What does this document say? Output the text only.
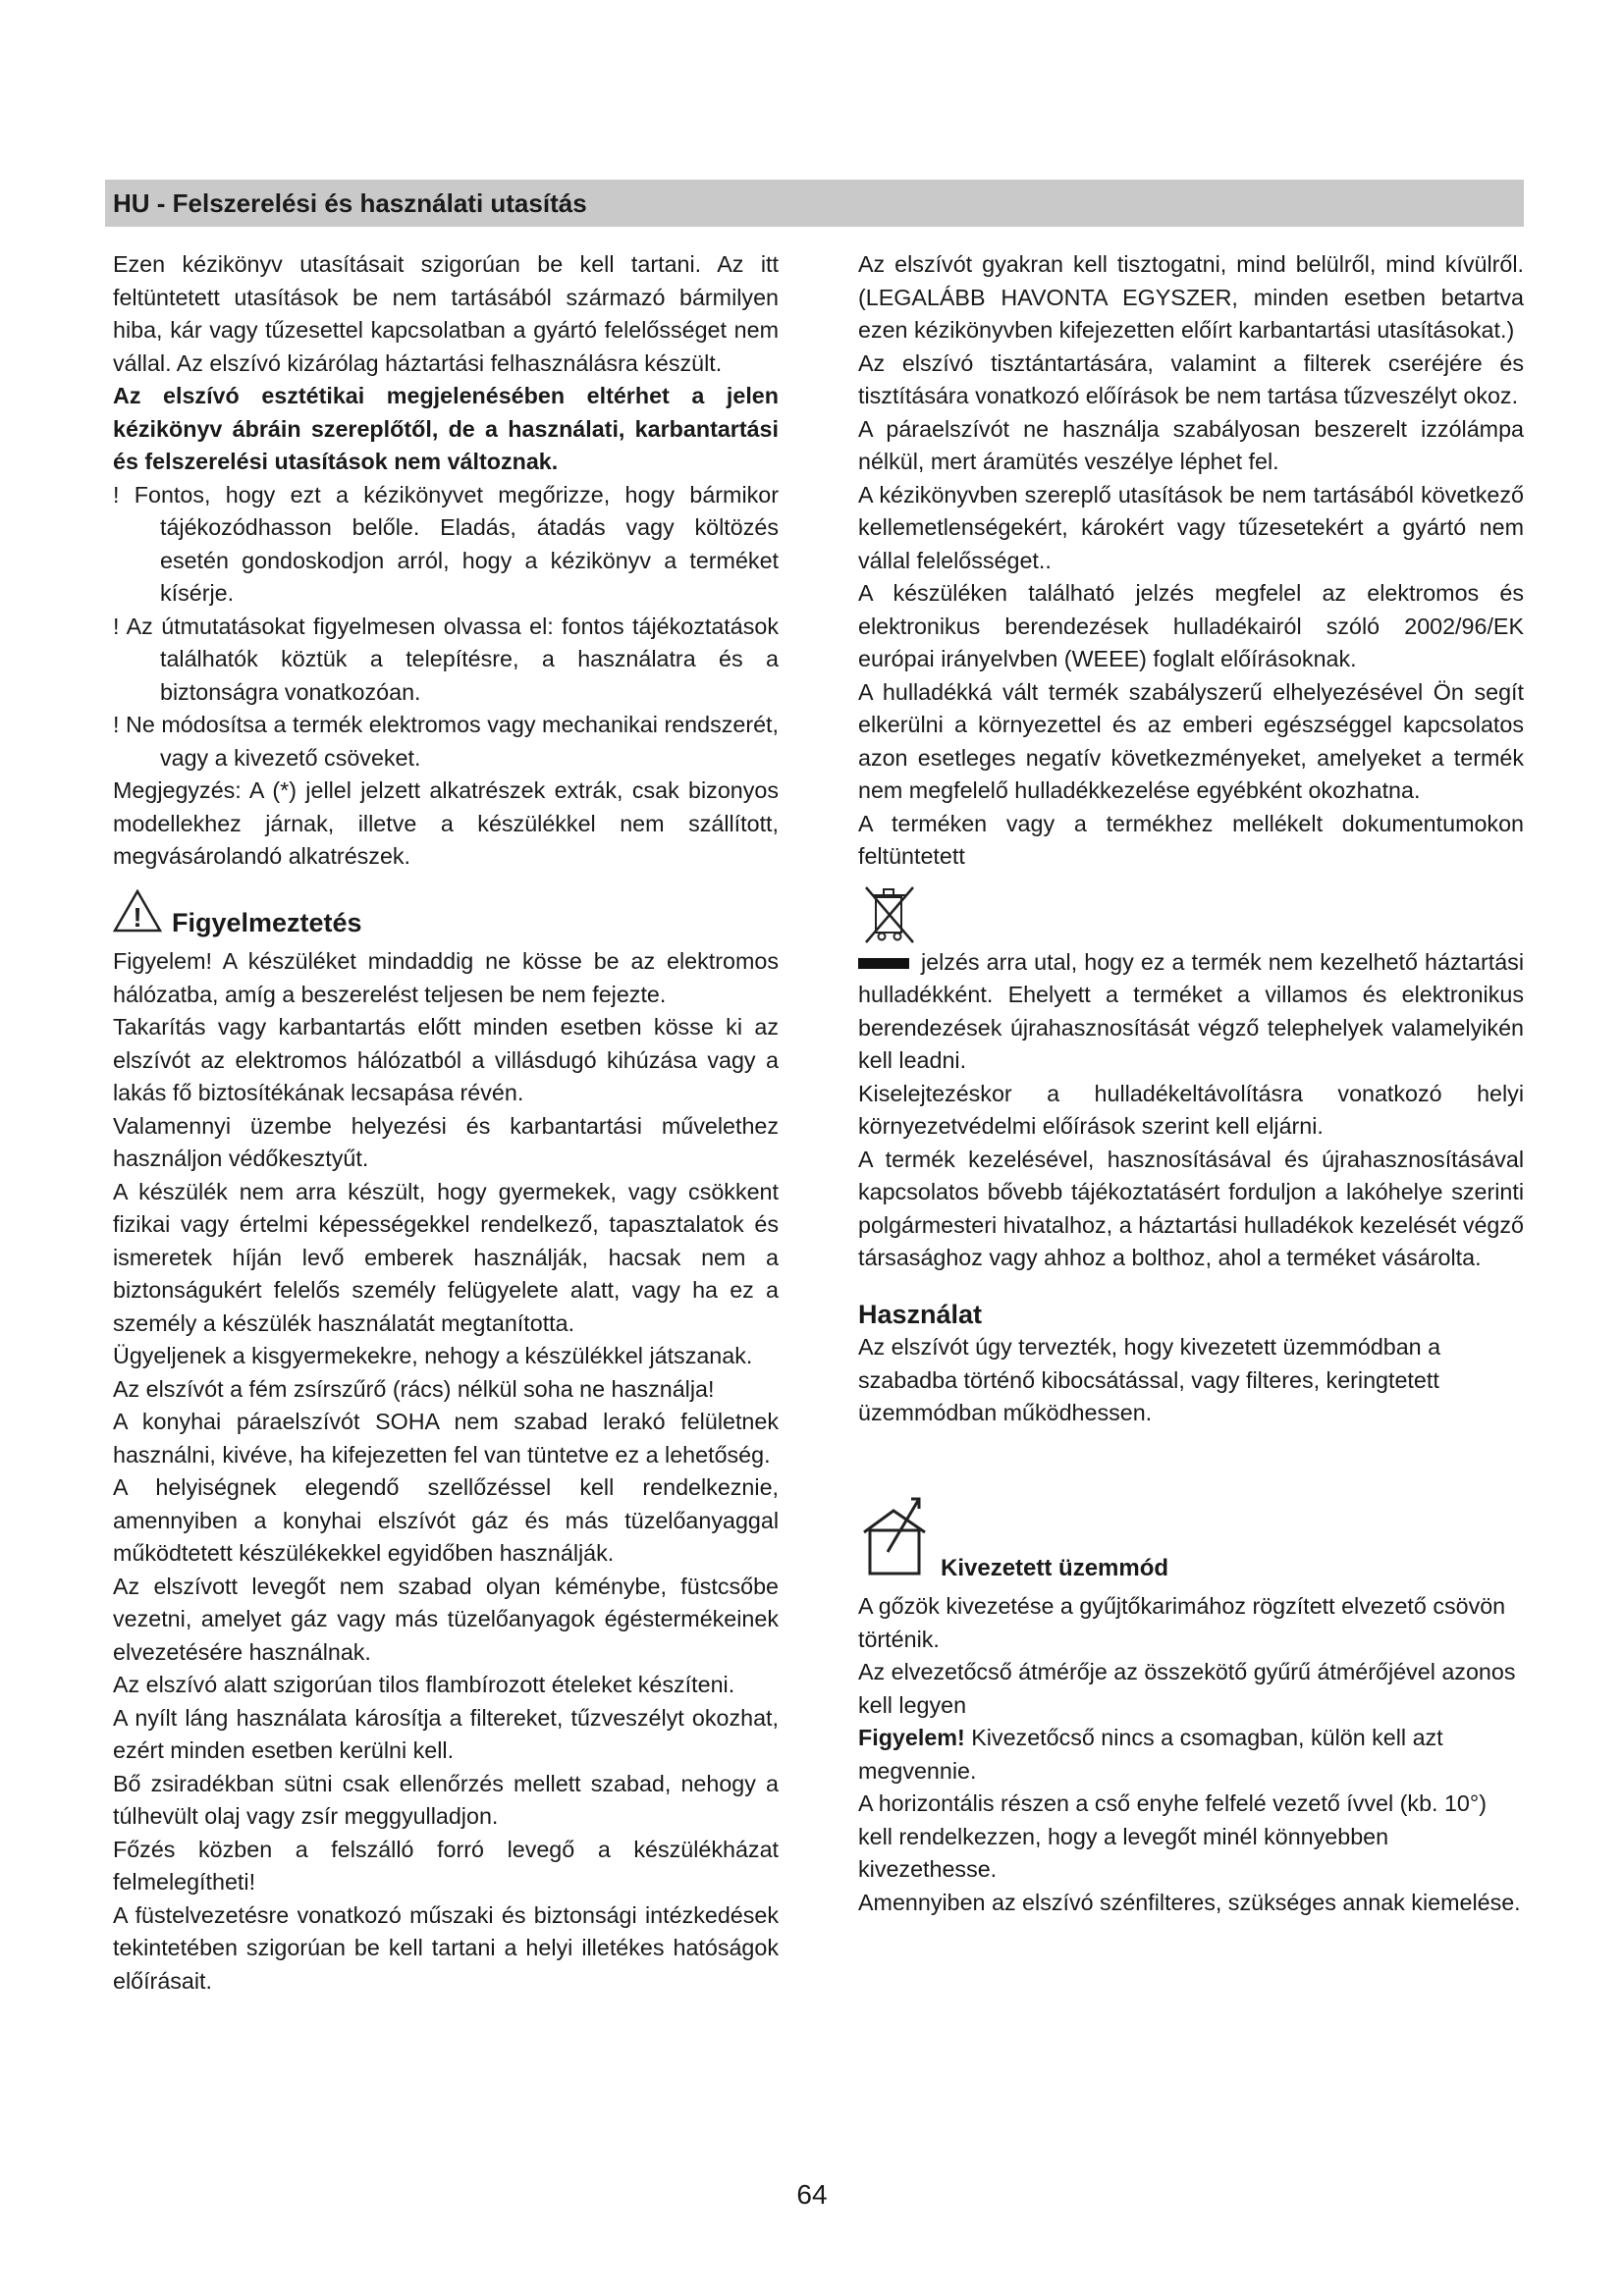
HU - Felszerelési és használati utasítás

Ezen kézikönyv utasításait szigorúan be kell tartani. Az itt feltüntetett utasítások be nem tartásából származó bármilyen hiba, kár vagy tűzesettel kapcsolatban a gyártó felelősséget nem vállal. Az elszívó kizárólag háztartási felhasználásra készült.

Az elszívó esztétikai megjelenésében eltérhet a jelen kézikönyv ábráin szereplőtől, de a használati, karbantartási és felszerelési utasítások nem változnak.

! Fontos, hogy ezt a kézikönyvet megőrizze, hogy bármikor tájékozódhasson belőle. Eladás, átadás vagy költözés esetén gondoskodjon arról, hogy a kézikönyv a terméket kísérje.

! Az útmutatásokat figyelmesen olvassa el: fontos tájékoztatások találhatók köztük a telepítésre, a használatra és a biztonságra vonatkozóan.

! Ne módosítsa a termék elektromos vagy mechanikai rendszerét, vagy a kivezető csöveket.

Megjegyzés: A (*) jellel jelzett alkatrészek extrák, csak bizonyos modellekhez járnak, illetve a készülékkel nem szállított, megvásárolandó alkatrészek.

! Figyelmeztetés

Figyelem! A készüléket mindaddig ne kösse be az elektromos hálózatba, amíg a beszerelést teljesen be nem fejezte.

Takarítás vagy karbantartás előtt minden esetben kösse ki az elszívót az elektromos hálózatból a villásdugó kihúzása vagy a lakás fő biztosítékának lecsapása révén.

Valamennyi üzembe helyezési és karbantartási művelethez használjon védőkesztyűt.

A készülék nem arra készült, hogy gyermekek, vagy csökkent fizikai vagy értelmi képességekkel rendelkező, tapasztalatok és ismeretek híján levő emberek használják, hacsak nem a biztonságukért felelős személy felügyelete alatt, vagy ha ez a személy a készülék használatát megtanította.

Ügyeljenek a kisgyermekekre, nehogy a készülékkel játszanak.

Az elszívót a fém zsírszűrő (rács) nélkül soha ne használja!

A konyhai páraelszívót SOHA nem szabad lerakó felületnek használni, kivéve, ha kifejezetten fel van tüntetve ez a lehetőség.

A helyiségnek elegendő szellőzéssel kell rendelkeznie, amennyiben a konyhai elszívót gáz és más tüzelőanyaggal működtetett készülékekkel egyidőben használják.

Az elszívott levegőt nem szabad olyan kéménybe, füstcsőbe vezetni, amelyet gáz vagy más tüzelőanyagok égéstermékeinek elvezetésére használnak.

Az elszívó alatt szigorúan tilos flambírozott ételeket készíteni.

A nyílt láng használata károsítja a filtereket, tűzveszélyt okozhat, ezért minden esetben kerülni kell.

Bő zsiradékban sütni csak ellenőrzés mellett szabad, nehogy a túlhevült olaj vagy zsír meggyulladjon.

Főzés közben a felszálló forró levegő a készülékházat felmelegítheti!

A füstelvezetésre vonatkozó műszaki és biztonsági intézkedések tekintetében szigorúan be kell tartani a helyi illetékes hatóságok előírásait.

Az elszívót gyakran kell tisztogatni, mind belülről, mind kívülről. (LEGALÁBB HAVONTA EGYSZER, minden esetben betartva ezen kézikönyvben kifejezetten előírt karbantartási utasításokat.)

Az elszívó tisztántartására, valamint a filterek cseréjére és tisztítására vonatkozó előírások be nem tartása tűzveszélyt okoz.

A páraelszívót ne használja szabályosan beszerelt izzólámpa nélkül, mert áramütés veszélye léphet fel.

A kézikönyvben szereplő utasítások be nem tartásából következő kellemetlenségekért, károkért vagy tűzesetekért a gyártó nem vállal felelősséget..

A készüléken található jelzés megfelel az elektromos és elektronikus berendezések hulladékairól szóló 2002/96/EK európai irányelvben (WEEE) foglalt előírásoknak.

A hulladékká vált termék szabályszerű elhelyezésével Ön segít elkerülni a környezettel és az emberi egészséggel kapcsolatos azon esetleges negatív következményeket, amelyeket a termék nem megfelelő hulladékkezelése egyébként okozhatna.

A terméken vagy a termékhez mellékelt dokumentumokon feltüntetett

jelzés arra utal, hogy ez a termék nem kezelhető háztartási hulladékként. Ehelyett a terméket a villamos és elektronikus berendezések újrahasznosítását végző telephelyek valamelyikén kell leadni.

Kiselejtezéskor a hulladékeltávolításra vonatkozó helyi környezetvédelmi előírások szerint kell eljárni.

A termék kezelésével, hasznosításával és újrahasznosításával kapcsolatos bővebb tájékoztatásért forduljon a lakóhelye szerinti polgármesteri hivatalhoz, a háztartási hulladékok kezelését végző társasághoz vagy ahhoz a bolthoz, ahol a terméket vásárolta.

Használat

Az elszívót úgy tervezték, hogy kivezetett üzemmódban a szabadba történő kibocsátással, vagy filteres, keringtetett üzemmódban működhessen.

Kivezetett üzemmód

A gőzök kivezetése a gyűjtőkarimához rögzített elvezető csövön történik.

Az elvezetőcső átmérője az összekötő gyűrű átmérőjével azonos kell legyen

Figyelem! Kivezetőcső nincs a csomagban, külön kell azt megvennie.

A horizontális részen a cső enyhe felfelé vezető ívvel (kb. 10°) kell rendelkezzen, hogy a levegőt minél könnyebben kivezethesse.

Amennyiben az elszívó szénfilteres, szükséges annak kiemelése.

64
